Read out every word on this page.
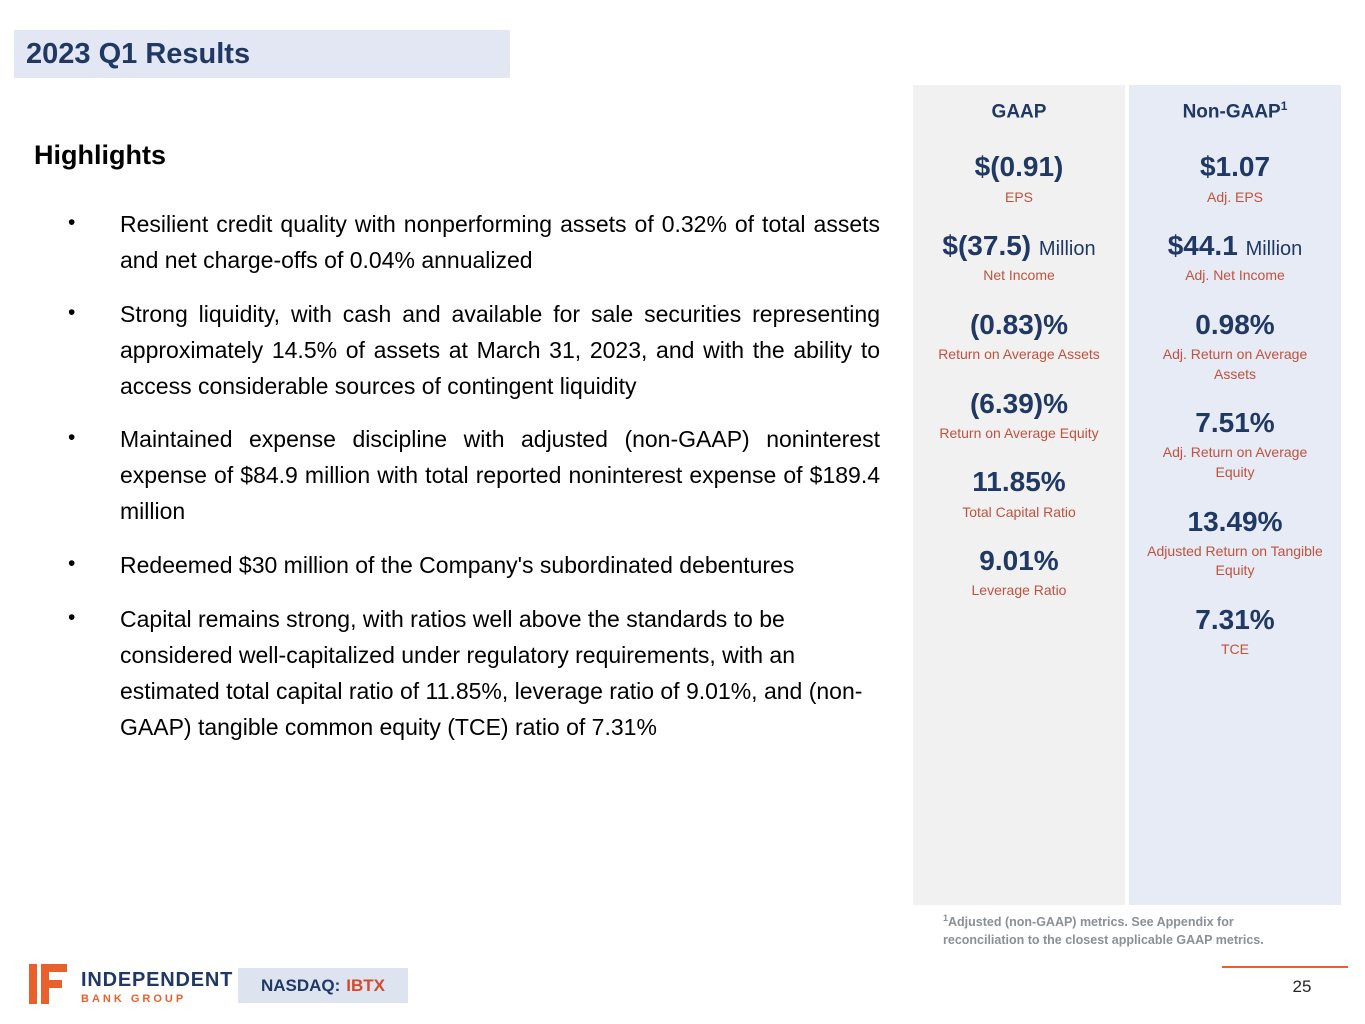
2023 Q1 Results
Highlights
• Resilient credit quality with nonperforming assets of 0.32% of total assets and net charge-offs of 0.04% annualized
• Strong liquidity, with cash and available for sale securities representing approximately 14.5% of assets at March 31, 2023, and with the ability to access considerable sources of contingent liquidity
• Maintained expense discipline with adjusted (non-GAAP) noninterest expense of $84.9 million with total reported noninterest expense of $189.4 million
• Redeemed $30 million of the Company's subordinated debentures
• Capital remains strong, with ratios well above the standards to be considered well-capitalized under regulatory requirements, with an estimated total capital ratio of 11.85%, leverage ratio of 9.01%, and (non-GAAP) tangible common equity (TCE) ratio of 7.31%
GAAP
$(0.91)
EPS
$(37.5) Million
Net Income
(0.83)%
Return on Average Assets
(6.39)%
Return on Average Equity
11.85%
Total Capital Ratio
9.01%
Leverage Ratio
Non-GAAP$^1$
$1.07
Adj. EPS
$44.1 Million
Adj. Net Income
0.98%
Adj. Return on Average Assets
7.51%
Adj. Return on Average Equity
13.49%
Adjusted Return on Tangible Equity
7.31%
TCE
$^1$Adjusted (non-GAAP) metrics. See Appendix for reconciliation to the closest applicable GAAP metrics.
INDEPENDENT
BANK GROUP
NASDAQ: IBTX	25
